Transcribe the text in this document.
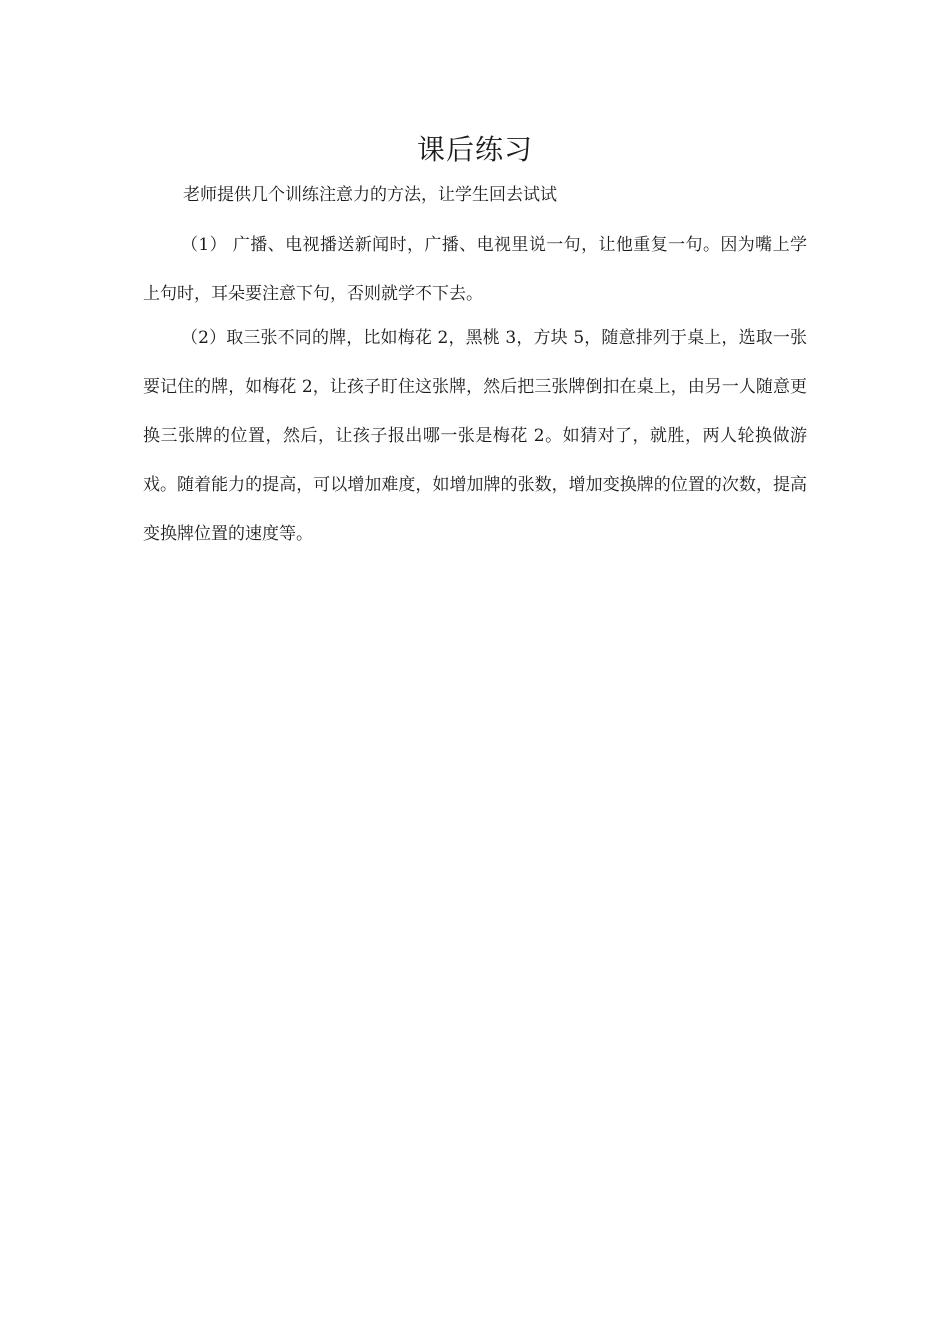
课后练习
老师提供几个训练注意力的方法，让学生回去试试

（1） 广播、电视播送新闻时，广播、电视里说一句，让他重复一句。因为嘴上学上句时，耳朵要注意下句，否则就学不下去。

（2）取三张不同的牌，比如梅花 2，黑桃 3，方块 5，随意排列于桌上，选取一张要记住的牌，如梅花 2，让孩子盯住这张牌，然后把三张牌倒扣在桌上，由另一人随意更换三张牌的位置，然后，让孩子报出哪一张是梅花 2。如猜对了，就胜，两人轮换做游戏。随着能力的提高，可以增加难度，如增加牌的张数，增加变换牌的位置的次数，提高变换牌位置的速度等。
